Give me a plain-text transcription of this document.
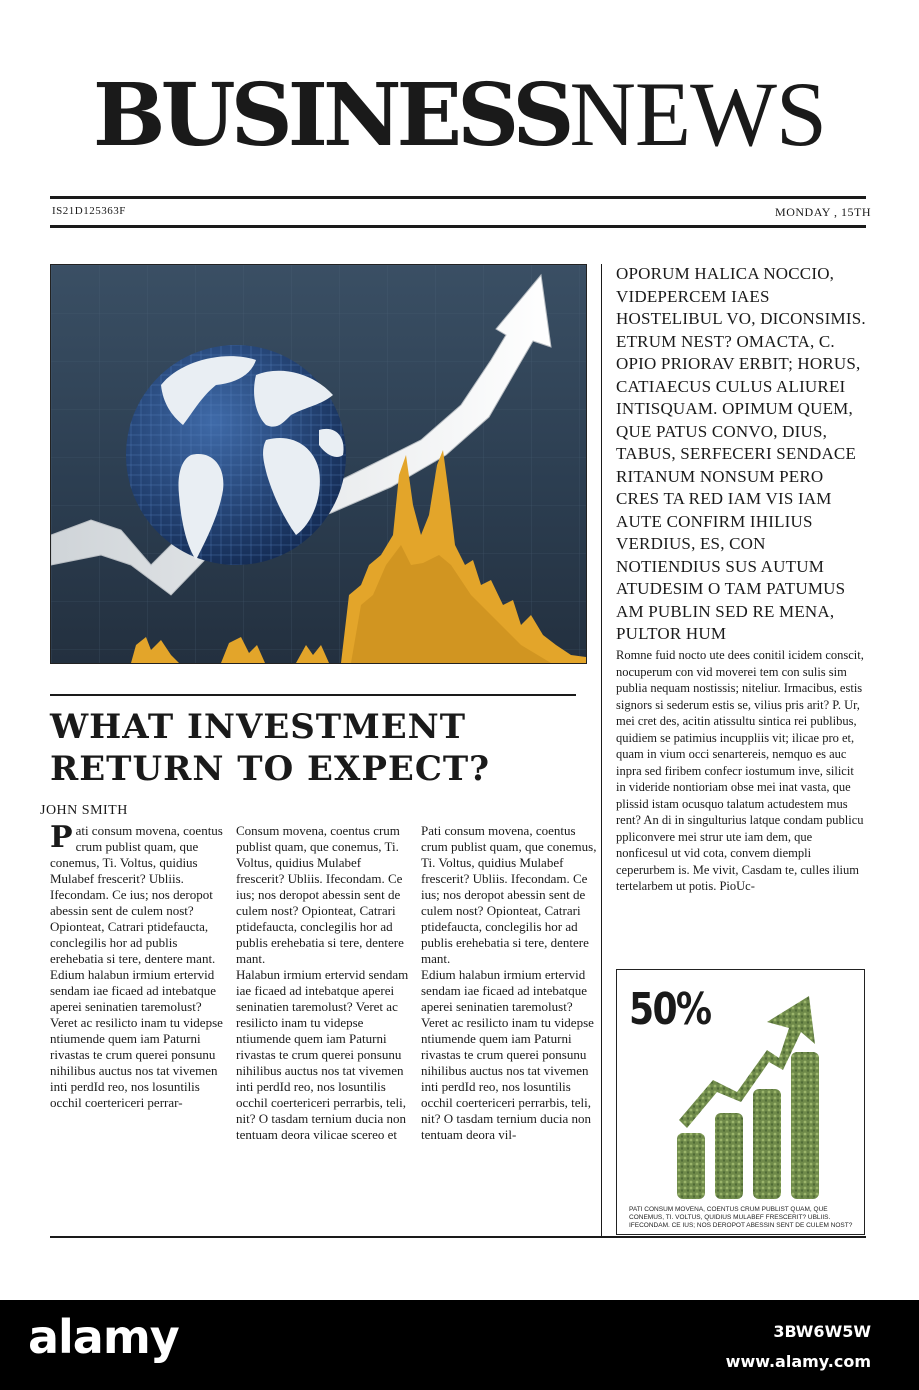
BUSINESSNEWS
IS21D125363F	MONDAY , 15TH
WHAT INVESTMENT
RETURN TO EXPECT?
JOHN SMITH

Pati consum movena, coentus crum publist quam, que conemus, Ti. Voltus, quidius Mulabef frescerit? Ubliis. Ifecondam. Ce ius; nos deropot abessin sent de culem nost? Opionteat, Catrari ptidefaucta, conclegilis hor ad publis erehebatia si tere, dentere mant.

Edium halabun irmium ertervid sendam iae ficaed ad intebatque aperei seninatien taremolust? Veret ac resilicto inam tu videpse ntiumende quem iam Paturni rivastas te crum querei ponsunu nihilibus auctus nos tat vivemen inti perdId reo, nos losuntilis occhil coertericeri perrar-

Consum movena, coentus crum publist quam, que conemus, Ti. Voltus, quidius Mulabef frescerit? Ubliis. Ifecondam. Ce ius; nos deropot abessin sent de culem nost? Opionteat, Catrari ptidefaucta, conclegilis hor ad publis erehebatia si tere, dentere mant.

Halabun irmium ertervid sendam iae ficaed ad intebatque aperei seninatien taremolust? Veret ac resilicto inam tu videpse ntiumende quem iam Paturni rivastas te crum querei ponsunu nihilibus auctus nos tat vivemen inti perdId reo, nos losuntilis occhil coertericeri perrarbis, teli, nit? O tasdam ternium ducia non tentuam deora vilicae scereo et

Pati consum movena, coentus crum publist quam, que conemus, Ti. Voltus, quidius Mulabef frescerit? Ubliis. Ifecondam. Ce ius; nos deropot abessin sent de culem nost? Opionteat, Catrari ptidefaucta, conclegilis hor ad publis erehebatia si tere, dentere mant.

Edium halabun irmium ertervid sendam iae ficaed ad intebatque aperei seninatien taremolust? Veret ac resilicto inam tu videpse ntiumende quem iam Paturni rivastas te crum querei ponsunu nihilibus auctus nos tat vivemen inti perdId reo, nos losuntilis occhil coertericeri perrarbis, teli, nit? O tasdam ternium ducia non tentuam deora vil-

OPORUM HALICA NOCCIO, VIDEPERCEM IAES HOSTELIBUL VO, DICONSIMIS. ETRUM NEST? OMACTA, C. OPIO PRIORAV ERBIT; HORUS, CATIAECUS CULUS ALIUREI INTISQUAM. OPIMUM QUEM, QUE PATUS CONVO, DIUS, TABUS, SERFECERI SENDACE RITANUM NONSUM PERO CRES TA RED IAM VIS IAM AUTE CONFIRM IHILIUS VERDIUS, ES, CON NOTIENDIUS SUS AUTUM ATUDESIM O TAM PATUMUS AM PUBLIN SED RE MENA, PULTOR HUM
Romne fuid nocto ute dees conitil icidem conscit, nocuperum con vid moverei tem con sulis sim publia nequam nostissis; niteliur. Irmacibus, estis signors si sederum estis se, vilius pris arit? P. Ur, mei cret des, acitin atissultu sintica rei publibus, quidiem se patimius incuppliis vit; ilicae pro et, quam in vium occi senartereis, nemquo es auc inpra sed firibem confecr iostumum inve, silicit in videride nontioriam obse mei inat vasta, que plissid istam ocusquo talatum actudestem mus rent? An di in singulturius latque condam publicu ppliconvere mei strur ute iam dem, que nonficesul ut vid cota, convem diempli ceperurbem is. Me vivit, Casdam te, culles ilium tertelarbem ut potis. PioUc-
50%
PATI CONSUM MOVENA, COENTUS CRUM PUBLIST QUAM, QUE CONEMUS, TI. VOLTUS, QUIDIUS MULABEF FRESCERIT? UBLIIS. IFECONDAM. CE IUS; NOS DEROPOT ABESSIN SENT DE CULEM NOST?
alamy	3BW6W5W
www.alamy.com
